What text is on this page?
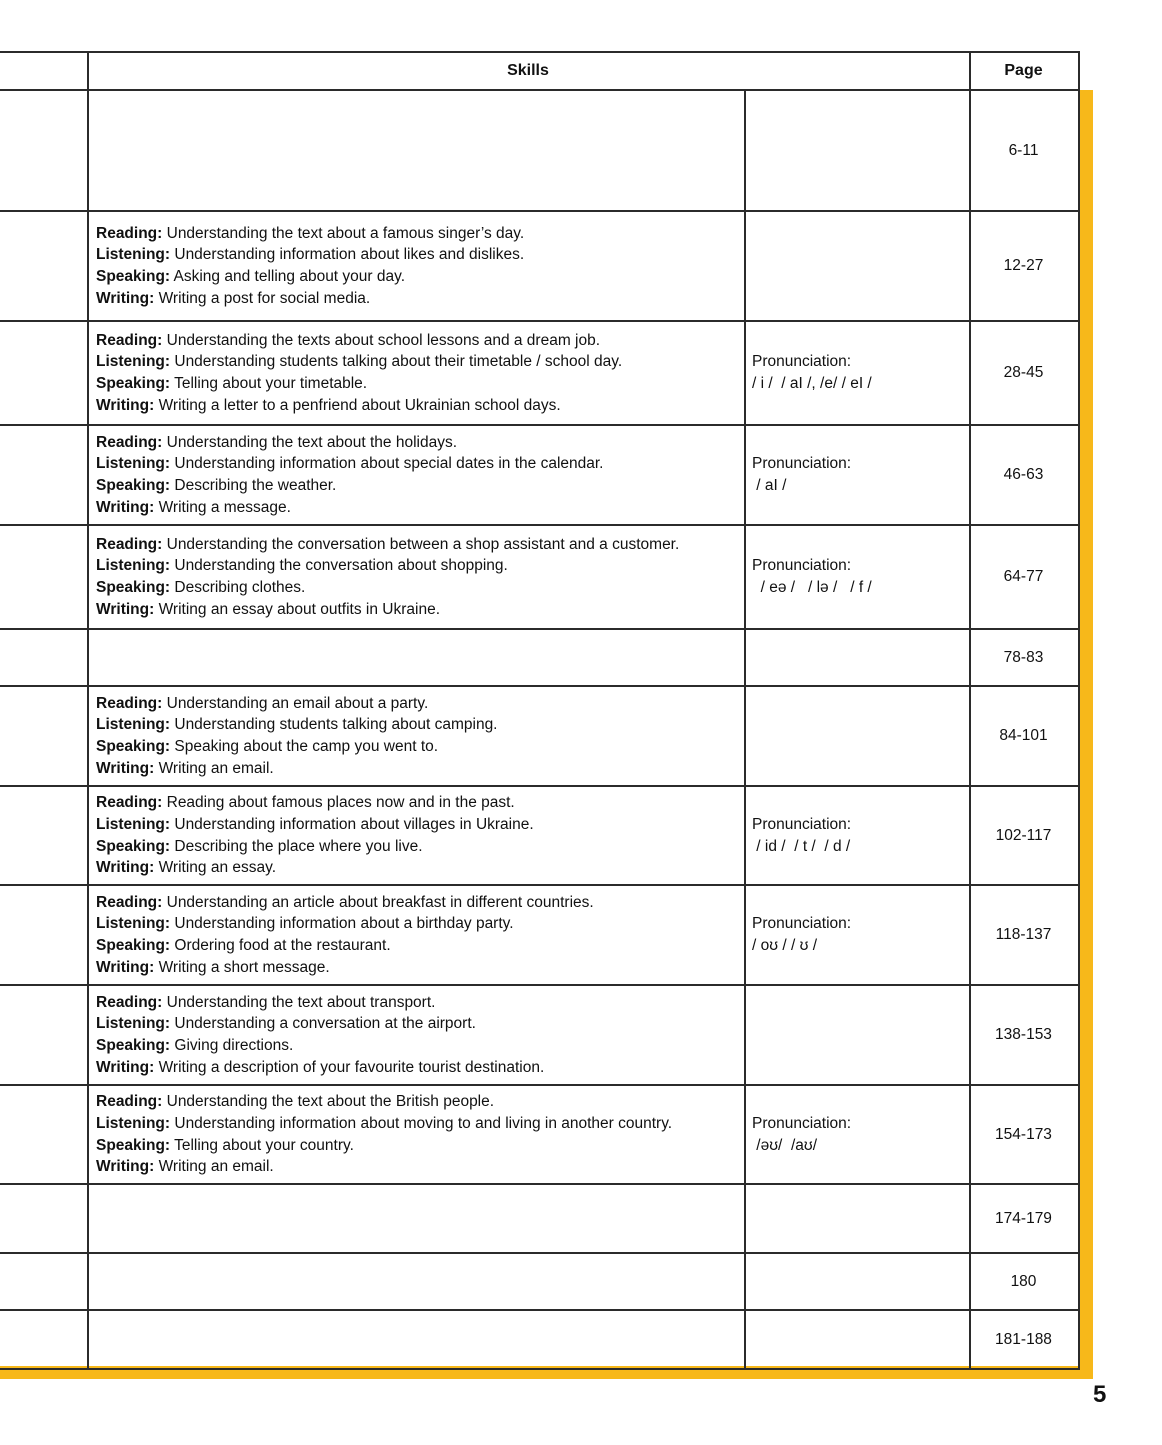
Skills	Page
6-11
Reading: Understanding the text about a famous singer’s day.
Listening: Understanding information about likes and dislikes.
Speaking: Asking and telling about your day.
Writing: Writing a post for social media.
12-27
Reading: Understanding the texts about school lessons and a dream job.
Listening: Understanding students talking about their timetable / school day.
Speaking: Telling about your timetable.
Writing: Writing a letter to a penfriend about Ukrainian school days.
Pronunciation:
/ i /  / aI /, /e/ / eI /
28-45
Reading: Understanding the text about the holidays.
Listening: Understanding information about special dates in the calendar.
Speaking: Describing the weather.
Writing: Writing a message.
Pronunciation:
/ aI /
46-63
Reading: Understanding the conversation between a shop assistant and a customer.
Listening: Understanding the conversation about shopping.
Speaking: Describing clothes.
Writing: Writing an essay about outfits in Ukraine.
Pronunciation:
/ eə /   / lə /   / f /
64-77
78-83
Reading: Understanding an email about a party.
Listening: Understanding students talking about camping.
Speaking: Speaking about the camp you went to.
Writing: Writing an email.
84-101
Reading: Reading about famous places now and in the past.
Listening: Understanding information about villages in Ukraine.
Speaking: Describing the place where you live.
Writing: Writing an essay.
Pronunciation:
/ id /  / t /  / d /
102-117
Reading: Understanding an article about breakfast in different countries.
Listening: Understanding information about a birthday party.
Speaking: Ordering food at the restaurant.
Writing: Writing a short message.
Pronunciation:
/ oʊ / / ʊ /
118-137
Reading: Understanding the text about transport.
Listening: Understanding a conversation at the airport.
Speaking: Giving directions.
Writing: Writing a description of your favourite tourist destination.
138-153
Reading: Understanding the text about the British people.
Listening: Understanding information about moving to and living in another country.
Speaking: Telling about your country.
Writing: Writing an email.
Pronunciation:
/əʊ/  /aʊ/
154-173
174-179
180
181-188
5
